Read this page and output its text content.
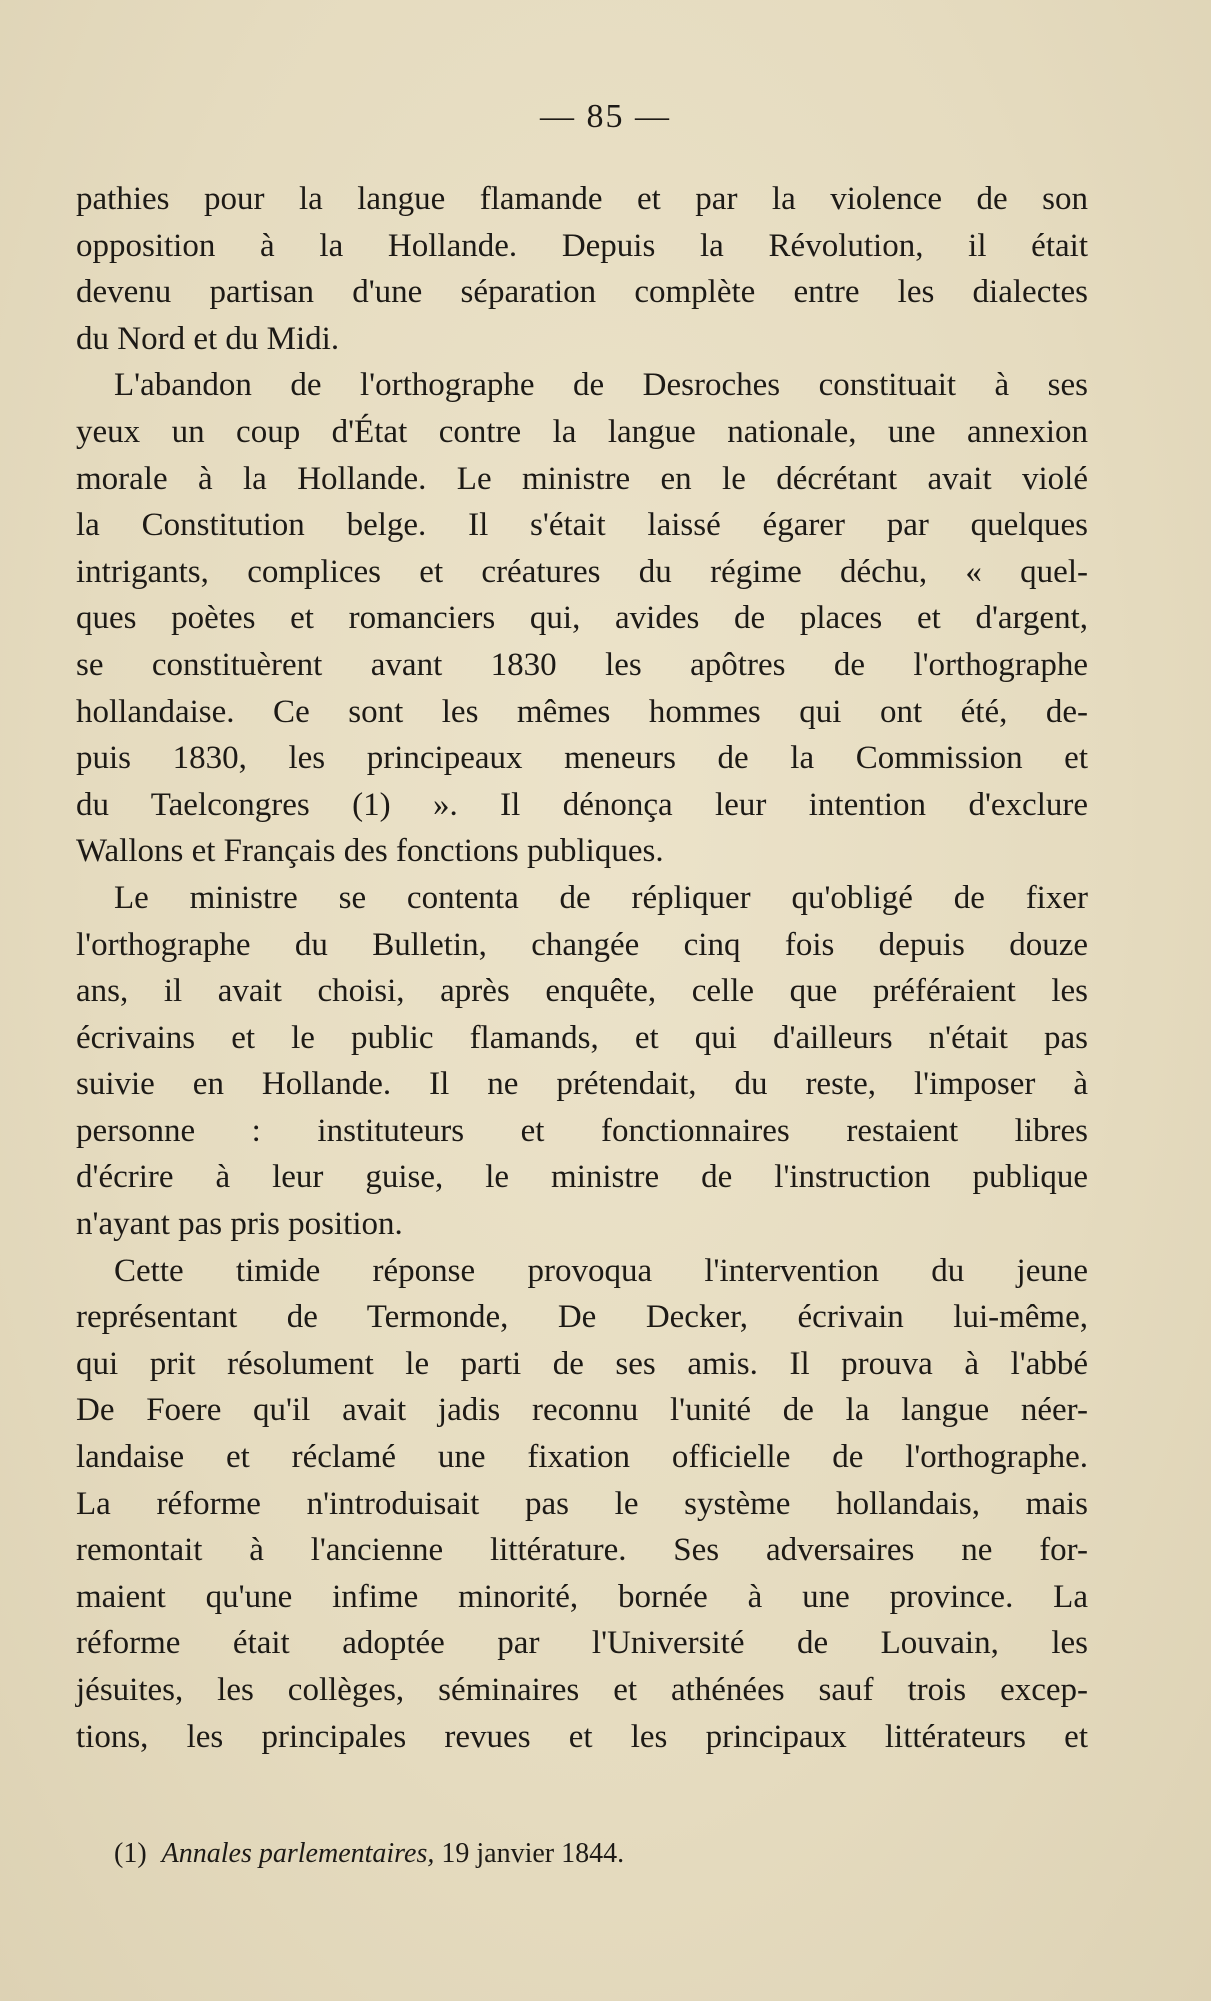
— 85 —
pathies pour la langue flamande et par la violence de son
opposition à la Hollande. Depuis la Révolution, il était
devenu partisan d'une séparation complète entre les dialectes
du Nord et du Midi.
L'abandon de l'orthographe de Desroches constituait à ses
yeux un coup d'État contre la langue nationale, une annexion
morale à la Hollande. Le ministre en le décrétant avait violé
la Constitution belge. Il s'était laissé égarer par quelques
intrigants, complices et créatures du régime déchu, « quel-
ques poètes et romanciers qui, avides de places et d'argent,
se constituèrent avant 1830 les apôtres de l'orthographe
hollandaise. Ce sont les mêmes hommes qui ont été, de-
puis 1830, les principeaux meneurs de la Commission et
du Taelcongres (1) ». Il dénonça leur intention d'exclure
Wallons et Français des fonctions publiques.
Le ministre se contenta de répliquer qu'obligé de fixer
l'orthographe du Bulletin, changée cinq fois depuis douze
ans, il avait choisi, après enquête, celle que préféraient les
écrivains et le public flamands, et qui d'ailleurs n'était pas
suivie en Hollande. Il ne prétendait, du reste, l'imposer à
personne : instituteurs et fonctionnaires restaient libres
d'écrire à leur guise, le ministre de l'instruction publique
n'ayant pas pris position.
Cette timide réponse provoqua l'intervention du jeune
représentant de Termonde, De Decker, écrivain lui-même,
qui prit résolument le parti de ses amis. Il prouva à l'abbé
De Foere qu'il avait jadis reconnu l'unité de la langue néer-
landaise et réclamé une fixation officielle de l'orthographe.
La réforme n'introduisait pas le système hollandais, mais
remontait à l'ancienne littérature. Ses adversaires ne for-
maient qu'une infime minorité, bornée à une province. La
réforme était adoptée par l'Université de Louvain, les
jésuites, les collèges, séminaires et athénées sauf trois excep-
tions, les principales revues et les principaux littérateurs et
(1) Annales parlementaires, 19 janvier 1844.
